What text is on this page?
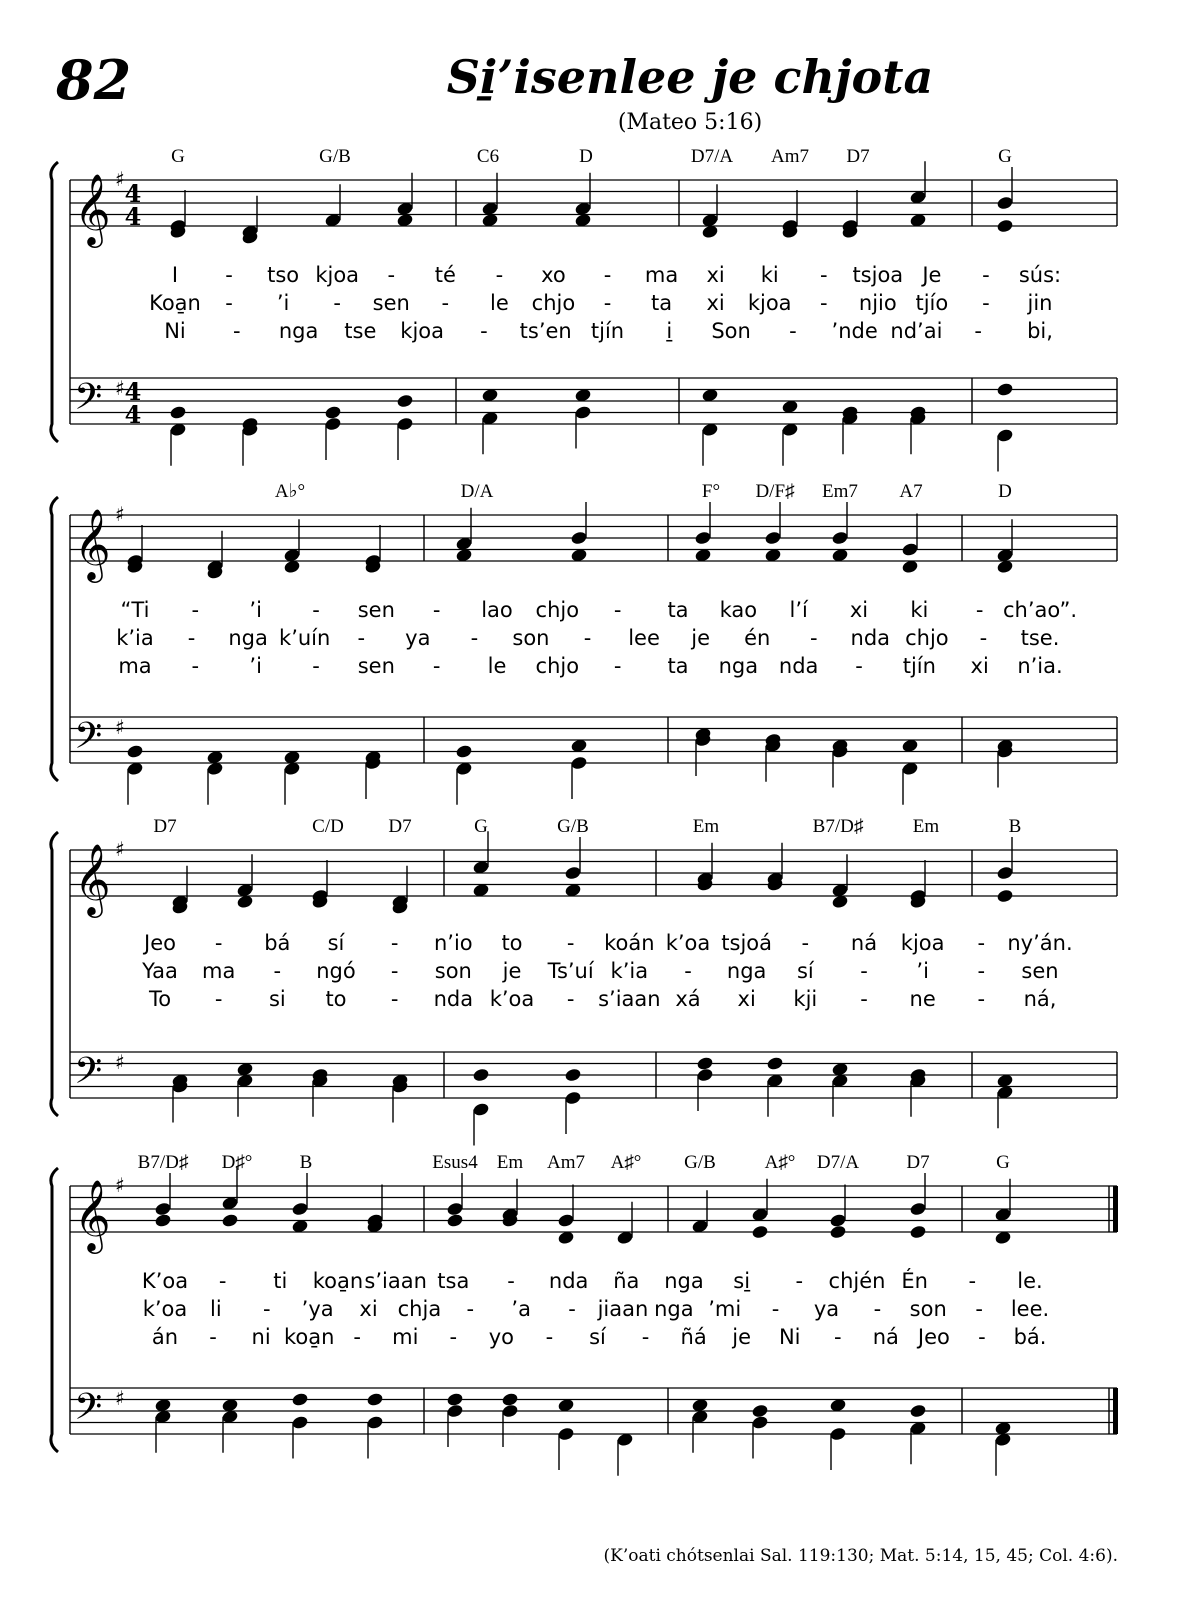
82	Si̱’isenlee je chjota
(Mateo 5:16)
𝄞 ♯ 4
4
𝄢 ♯ 4
4
G	G/B	C6	D	D7/A Am7 D7	G
I - tso kjoa - té - xo - ma xi ki - tsjoa Je - sús:
Koa̱n - ’i - sen - le chjo - ta xi kjoa - njio tjío - jin
Ni - nga tse kjoa - ts’en tjín i̱ Son - ’nde nd’ai - bi,
𝄞 ♯
𝄢 ♯
A♭°	D/A	F° D/F♯ Em7 A7	D
“Ti - ’i - sen - lao chjo - ta kao l’í xi ki - ch’ao”.
k’ia - nga k’uín - ya - son - lee je én - nda chjo - tse.
ma - ’i - sen - le chjo - ta nga nda - tjín xi n’ia.
𝄞 ♯
𝄢 ♯
D7	C/D D7	G	G/B	Em	B7/D♯	Em	B
Jeo - bá sí - n’io to - koán k’oa tsjoá - ná kjoa - ny’án.
Yaa ma - ngó - son je Ts’uí k’ia - nga sí - ’i - sen
To - si to - nda k’oa - s’iaan xá xi kji - ne - ná,
𝄞 ♯
𝄢 ♯
B7/D♯ D♯° B	Esus4 Em Am7 A♯° G/B	A♯° D7/A D7	G
K’oa - ti koa̱n s’iaan tsa - nda ña nga si̱ - chjén Én - le.
k’oa li - ’ya xi chja - ’a - jiaan nga ’mi - ya - son - lee.
án - ni koa̱n - mi - yo - sí - ñá je Ni - ná Jeo - bá.
(K’oati chótsenlai Sal. 119:130; Mat. 5:14, 15, 45; Col. 4:6).
